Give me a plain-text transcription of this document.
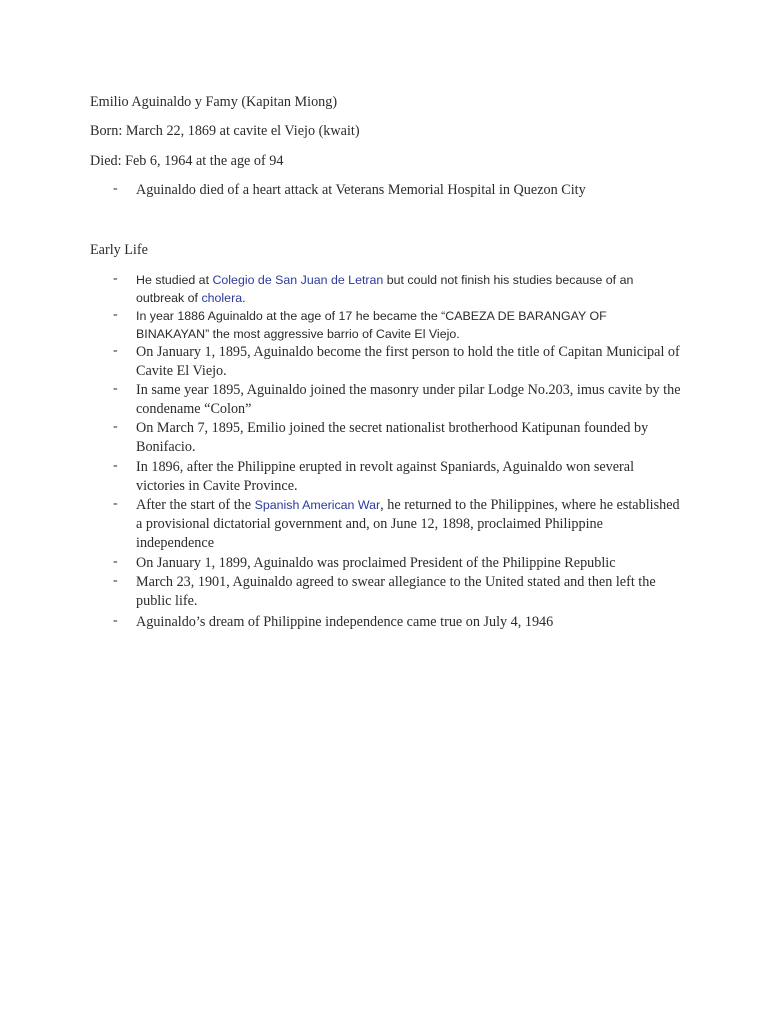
Emilio Aguinaldo y Famy (Kapitan Miong)
Born: March 22, 1869 at cavite el Viejo (kwait)
Died: Feb 6, 1964 at the age of 94
-	Aguinaldo died of a heart attack at Veterans Memorial Hospital in Quezon City
Early Life
-	He studied at Colegio de San Juan de Letran but could not finish his studies because of an outbreak of cholera.
-	In year 1886 Aguinaldo at the age of 17 he became the “CABEZA DE BARANGAY OF BINAKAYAN” the most aggressive barrio of Cavite El Viejo.
-	On January 1, 1895, Aguinaldo become the first person to hold the title of Capitan Municipal of Cavite El Viejo.
-	In same year 1895, Aguinaldo joined the masonry under pilar Lodge No.203, imus cavite by the condename “Colon”
-	On March 7, 1895, Emilio joined the secret nationalist brotherhood Katipunan founded by Bonifacio.
-	In 1896, after the Philippine erupted in revolt against Spaniards, Aguinaldo won several victories in Cavite Province.
-	After the start of the Spanish American War, he returned to the Philippines, where he established a provisional dictatorial government and, on June 12, 1898, proclaimed Philippine independence
-	On January 1, 1899, Aguinaldo was proclaimed President of the Philippine Republic
-	March 23, 1901, Aguinaldo agreed to swear allegiance to the United stated and then left the public life.
-	Aguinaldo’s dream of Philippine independence came true on July 4, 1946
